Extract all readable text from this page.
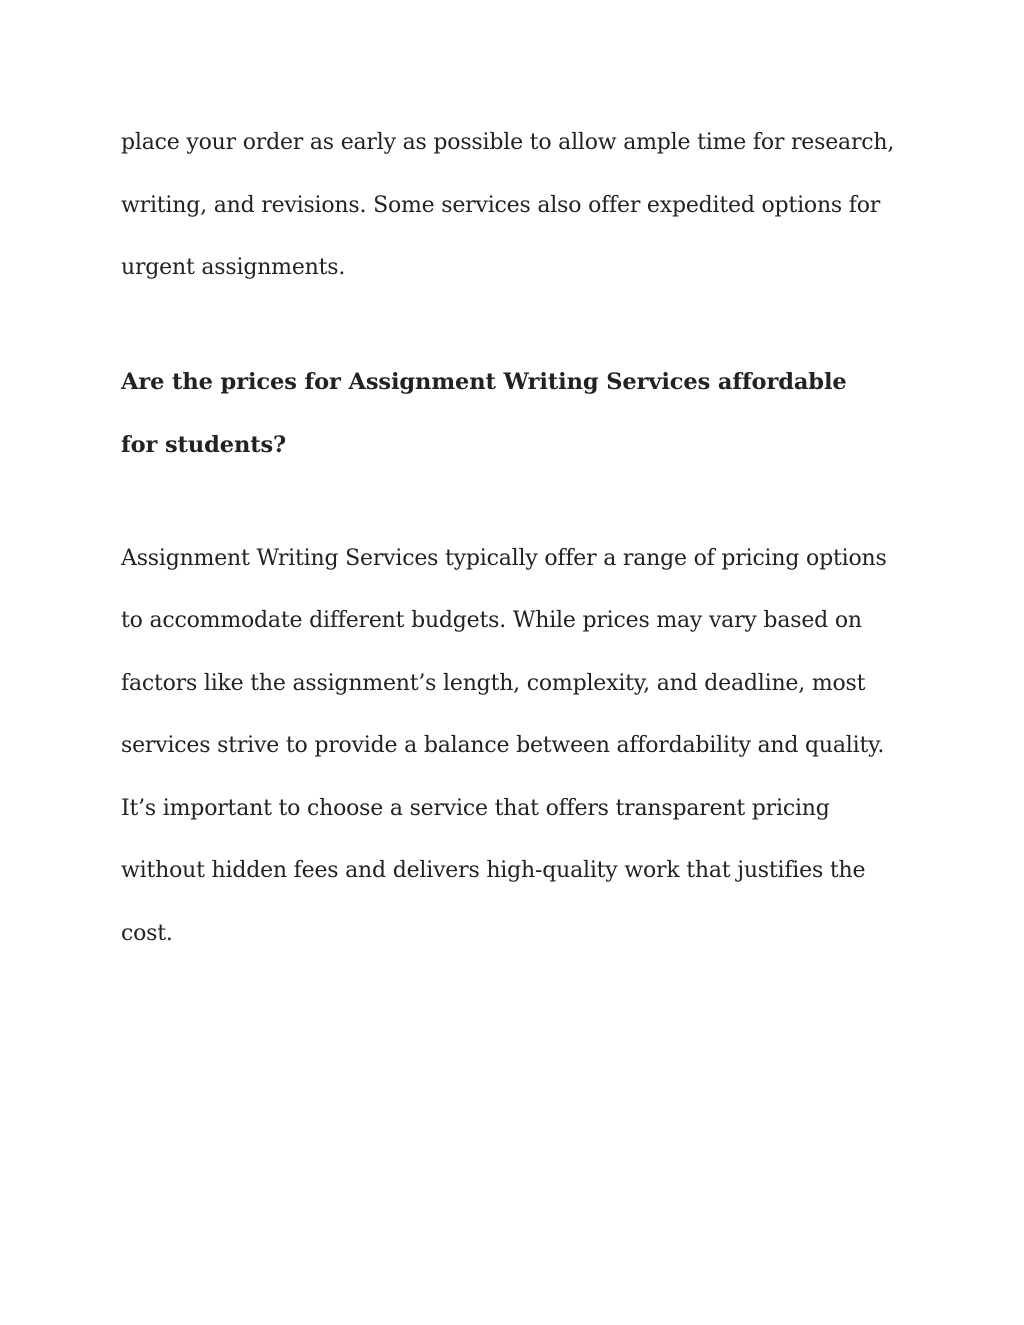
place your order as early as possible to allow ample time for research,
writing, and revisions. Some services also offer expedited options for
urgent assignments.

Are the prices for Assignment Writing Services affordable
for students?

Assignment Writing Services typically offer a range of pricing options
to accommodate different budgets. While prices may vary based on
factors like the assignment’s length, complexity, and deadline, most
services strive to provide a balance between affordability and quality.
It’s important to choose a service that offers transparent pricing
without hidden fees and delivers high-quality work that justifies the
cost.
